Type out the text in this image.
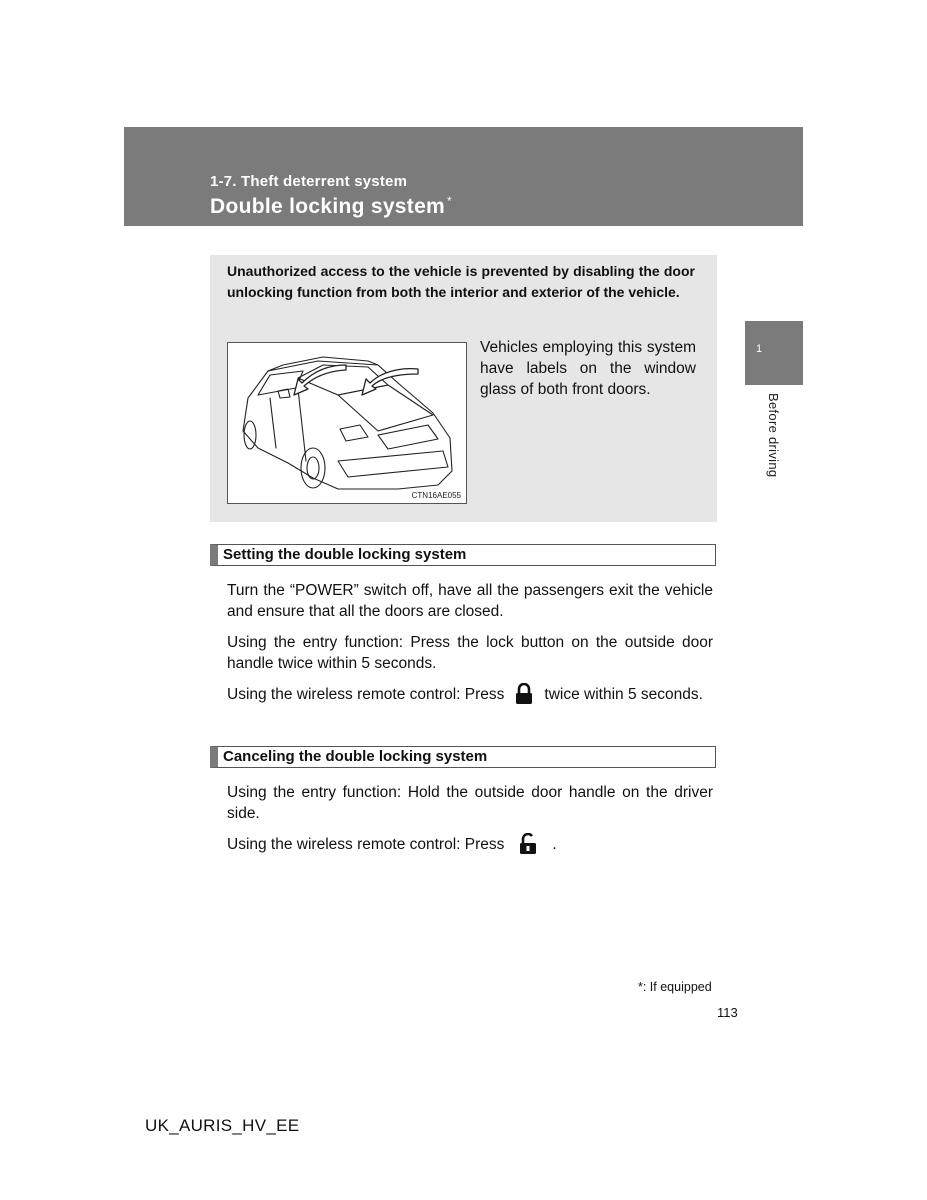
1-7. Theft deterrent system
Double locking system *
1
Before driving
Unauthorized access to the vehicle is prevented by disabling the door unlocking function from both the interior and exterior of the vehicle.
CTN16AE055
Vehicles employing this system have labels on the window glass of both front doors.
Setting the double locking system
Turn the “POWER” switch off, have all the passengers exit the vehicle and ensure that all the doors are closed.
Using the entry function: Press the lock button on the outside door handle twice within 5 seconds.
Using the wireless remote control: Press	twice within 5 seconds.
Canceling the double locking system
Using the entry function: Hold the outside door handle on the driver side.
Using the wireless remote control: Press	.
*: If equipped
113
UK_AURIS_HV_EE
